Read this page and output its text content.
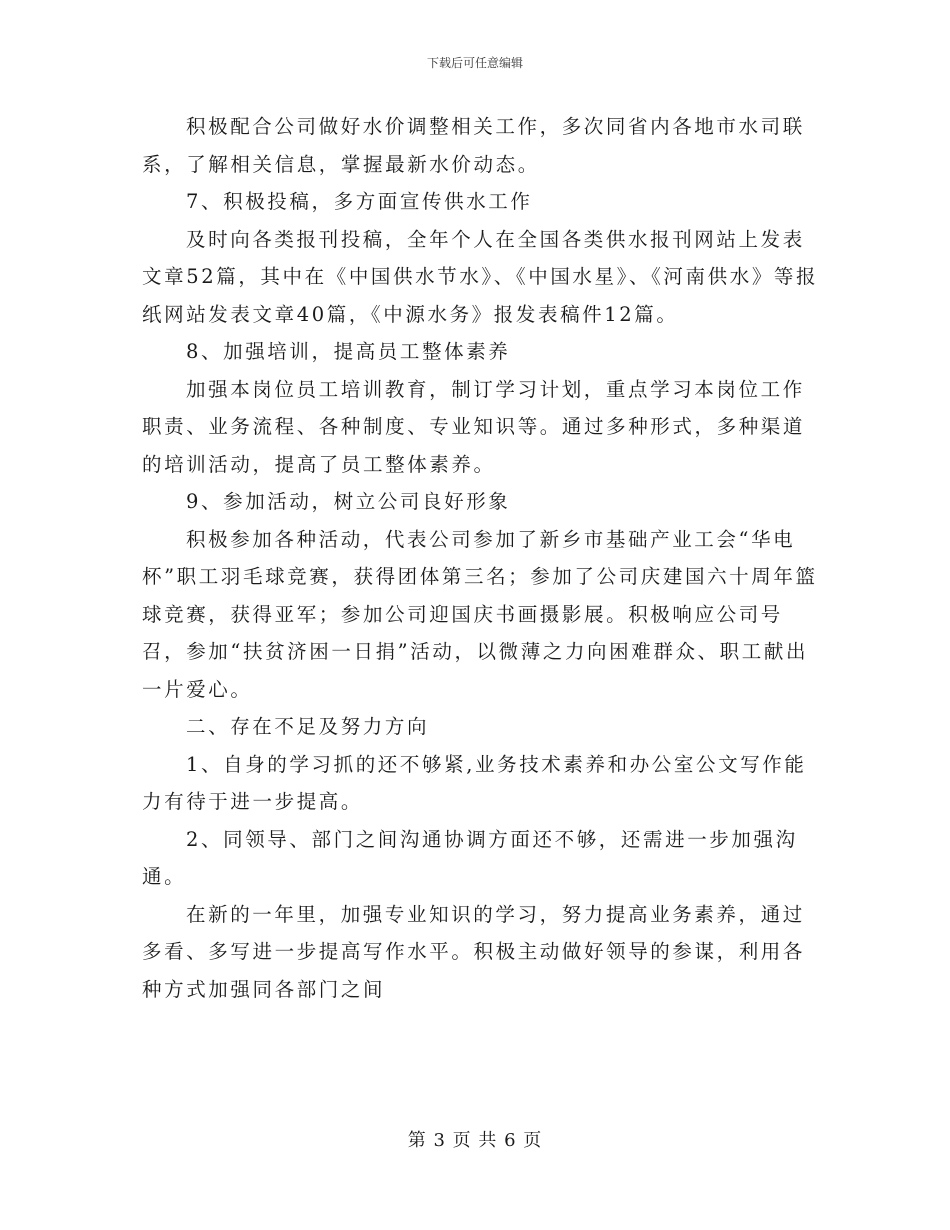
下载后可任意编辑

积极配合公司做好水价调整相关工作，多次同省内各地市水司联系，了解相关信息，掌握最新水价动态。

7、积极投稿，多方面宣传供水工作

及时向各类报刊投稿，全年个人在全国各类供水报刊网站上发表文章52篇，其中在《中国供水节水》、《中国水星》、《河南供水》等报纸网站发表文章40篇，《中源水务》报发表稿件12篇。

8、加强培训，提高员工整体素养

加强本岗位员工培训教育，制订学习计划，重点学习本岗位工作职责、业务流程、各种制度、专业知识等。通过多种形式，多种渠道的培训活动，提高了员工整体素养。

9、参加活动，树立公司良好形象

积极参加各种活动，代表公司参加了新乡市基础产业工会“华电杯”职工羽毛球竞赛，获得团体第三名；参加了公司庆建国六十周年篮球竞赛，获得亚军；参加公司迎国庆书画摄影展。积极响应公司号召，参加“扶贫济困一日捐”活动，以微薄之力向困难群众、职工献出一片爱心。

二、存在不足及努力方向

1、自身的学习抓的还不够紧,业务技术素养和办公室公文写作能力有待于进一步提高。

2、同领导、部门之间沟通协调方面还不够，还需进一步加强沟通。

在新的一年里，加强专业知识的学习，努力提高业务素养，通过多看、多写进一步提高写作水平。积极主动做好领导的参谋，利用各种方式加强同各部门之间

第 3 页 共 6 页
